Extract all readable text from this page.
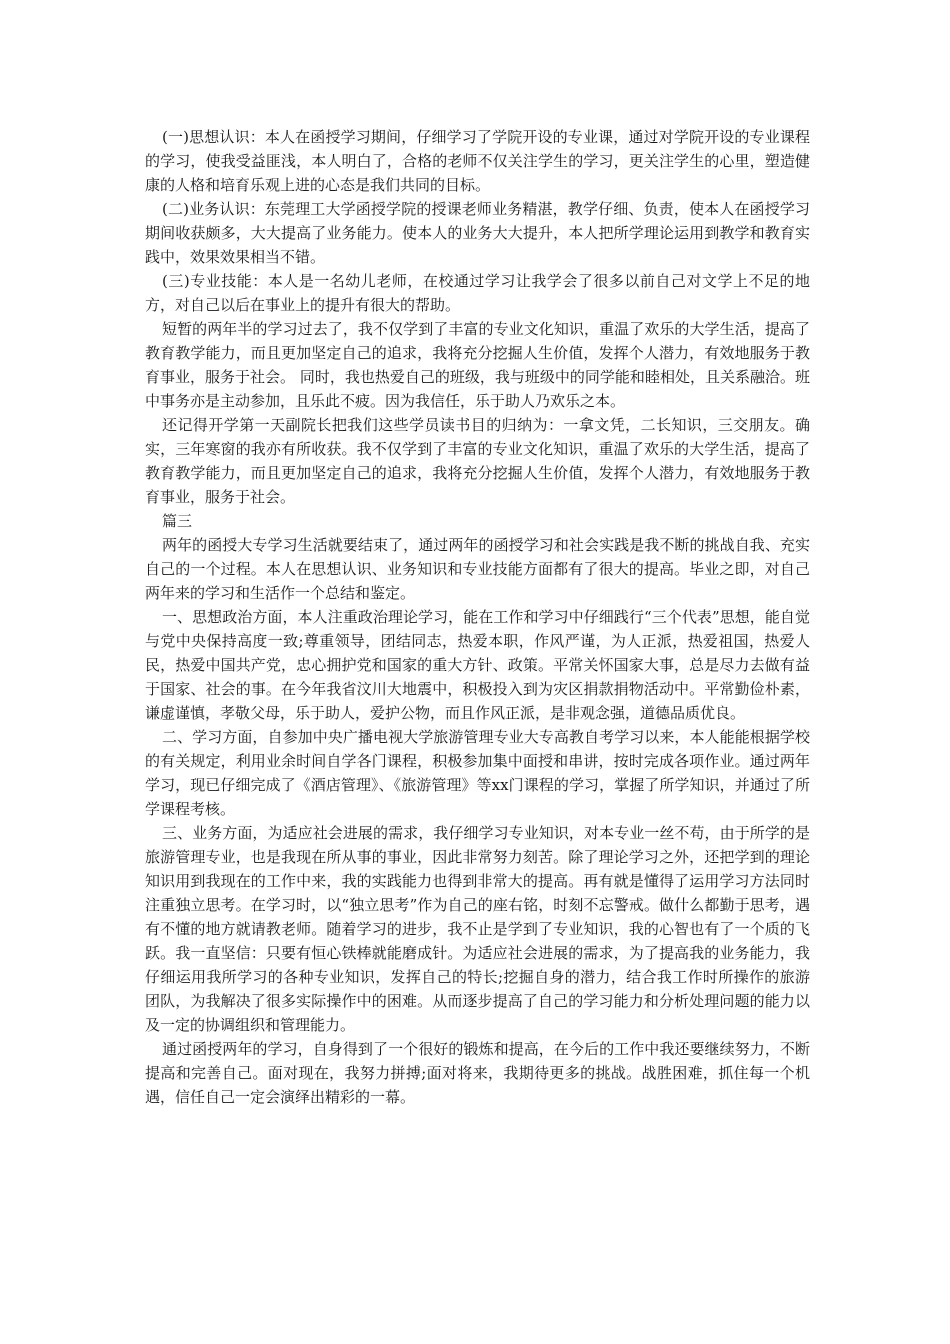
(一)思想认识：本人在函授学习期间，仔细学习了学院开设的专业课，通过对学院开设的专业课程的学习，使我受益匪浅，本人明白了，合格的老师不仅关注学生的学习，更关注学生的心里，塑造健康的人格和培育乐观上进的心态是我们共同的目标。

(二)业务认识：东莞理工大学函授学院的授课老师业务精湛，教学仔细、负责，使本人在函授学习期间收获颇多，大大提高了业务能力。使本人的业务大大提升，本人把所学理论运用到教学和教育实践中，效果效果相当不错。

(三)专业技能：本人是一名幼儿老师，在校通过学习让我学会了很多以前自己对文学上不足的地方，对自己以后在事业上的提升有很大的帮助。

短暂的两年半的学习过去了，我不仅学到了丰富的专业文化知识，重温了欢乐的大学生活，提高了教育教学能力，而且更加坚定自己的追求，我将充分挖掘人生价值，发挥个人潜力，有效地服务于教育事业，服务于社会。 同时，我也热爱自己的班级，我与班级中的同学能和睦相处，且关系融洽。班中事务亦是主动参加，且乐此不疲。因为我信任，乐于助人乃欢乐之本。

还记得开学第一天副院长把我们这些学员读书目的归纳为：一拿文凭，二长知识，三交朋友。确实，三年寒窗的我亦有所收获。我不仅学到了丰富的专业文化知识，重温了欢乐的大学生活，提高了教育教学能力，而且更加坚定自己的追求，我将充分挖掘人生价值，发挥个人潜力，有效地服务于教育事业，服务于社会。

篇三

两年的函授大专学习生活就要结束了，通过两年的函授学习和社会实践是我不断的挑战自我、充实自己的一个过程。本人在思想认识、业务知识和专业技能方面都有了很大的提高。毕业之即，对自己两年来的学习和生活作一个总结和鉴定。

一、思想政治方面，本人注重政治理论学习，能在工作和学习中仔细践行“三个代表”思想，能自觉与党中央保持高度一致;尊重领导，团结同志，热爱本职，作风严谨，为人正派，热爱祖国，热爱人民，热爱中国共产党，忠心拥护党和国家的重大方针、政策。平常关怀国家大事，总是尽力去做有益于国家、社会的事。在今年我省汶川大地震中，积极投入到为灾区捐款捐物活动中。平常勤俭朴素，谦虚谨慎，孝敬父母，乐于助人，爱护公物，而且作风正派，是非观念强，道德品质优良。

二、学习方面，自参加中央广播电视大学旅游管理专业大专高教自考学习以来，本人能能根据学校的有关规定，利用业余时间自学各门课程，积极参加集中面授和串讲，按时完成各项作业。通过两年学习，现已仔细完成了《酒店管理》、《旅游管理》等xx门课程的学习，掌握了所学知识，并通过了所学课程考核。

三、业务方面，为适应社会进展的需求，我仔细学习专业知识，对本专业一丝不苟，由于所学的是旅游管理专业，也是我现在所从事的事业，因此非常努力刻苦。除了理论学习之外，还把学到的理论知识用到我现在的工作中来，我的实践能力也得到非常大的提高。再有就是懂得了运用学习方法同时注重独立思考。在学习时，以“独立思考”作为自己的座右铭，时刻不忘警戒。做什么都勤于思考，遇有不懂的地方就请教老师。随着学习的进步，我不止是学到了专业知识，我的心智也有了一个质的飞跃。我一直坚信：只要有恒心铁棒就能磨成针。为适应社会进展的需求，为了提高我的业务能力，我仔细运用我所学习的各种专业知识，发挥自己的特长;挖掘自身的潜力，结合我工作时所操作的旅游团队，为我解决了很多实际操作中的困难。从而逐步提高了自己的学习能力和分析处理问题的能力以及一定的协调组织和管理能力。

通过函授两年的学习，自身得到了一个很好的锻炼和提高，在今后的工作中我还要继续努力，不断提高和完善自己。面对现在，我努力拼搏;面对将来，我期待更多的挑战。战胜困难，抓住每一个机遇，信任自己一定会演绎出精彩的一幕。
